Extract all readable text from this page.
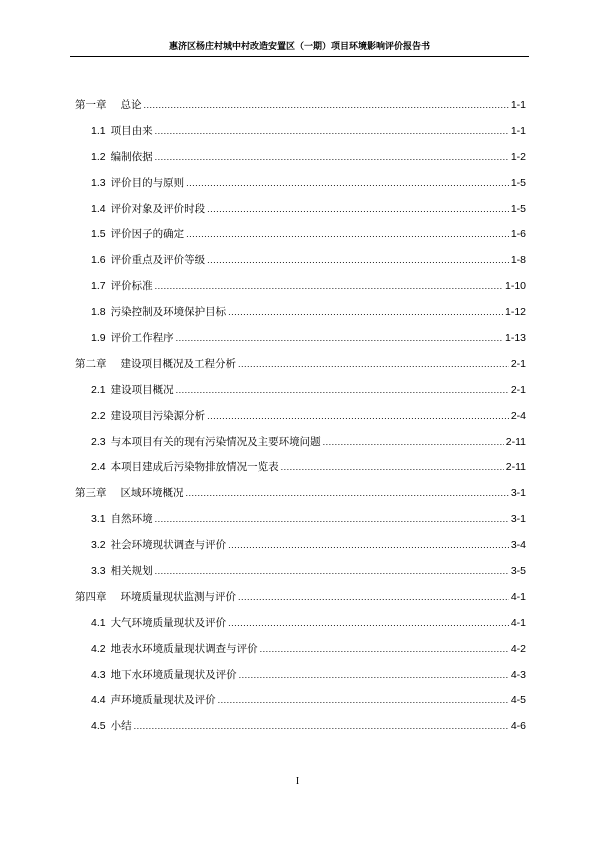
惠济区杨庄村城中村改造安置区（一期）项目环境影响评价报告书
第一章 总论 .....	1-1
1.1 项目由来 .....	1-1
1.2 编制依据 .....	1-2
1.3 评价目的与原则 .....	1-5
1.4 评价对象及评价时段 .....	1-5
1.5 评价因子的确定 .....	1-6
1.6 评价重点及评价等级 .....	1-8
1.7 评价标准 .....	1-10
1.8 污染控制及环境保护目标 .....	1-12
1.9 评价工作程序 .....	1-13
第二章 建设项目概况及工程分析 .....	2-1
2.1 建设项目概况 .....	2-1
2.2 建设项目污染源分析 .....	2-4
2.3 与本项目有关的现有污染情况及主要环境问题 .....	2-11
2.4 本项目建成后污染物排放情况一览表 .....	2-11
第三章 区域环境概况 .....	3-1
3.1 自然环境 .....	3-1
3.2 社会环境现状调查与评价 .....	3-4
3.3 相关规划 .....	3-5
第四章 环境质量现状监测与评价 .....	4-1
4.1 大气环境质量现状及评价 .....	4-1
4.2 地表水环境质量现状调查与评价 .....	4-2
4.3 地下水环境质量现状及评价 .....	4-3
4.4 声环境质量现状及评价 .....	4-5
4.5 小结 .....	4-6
I
